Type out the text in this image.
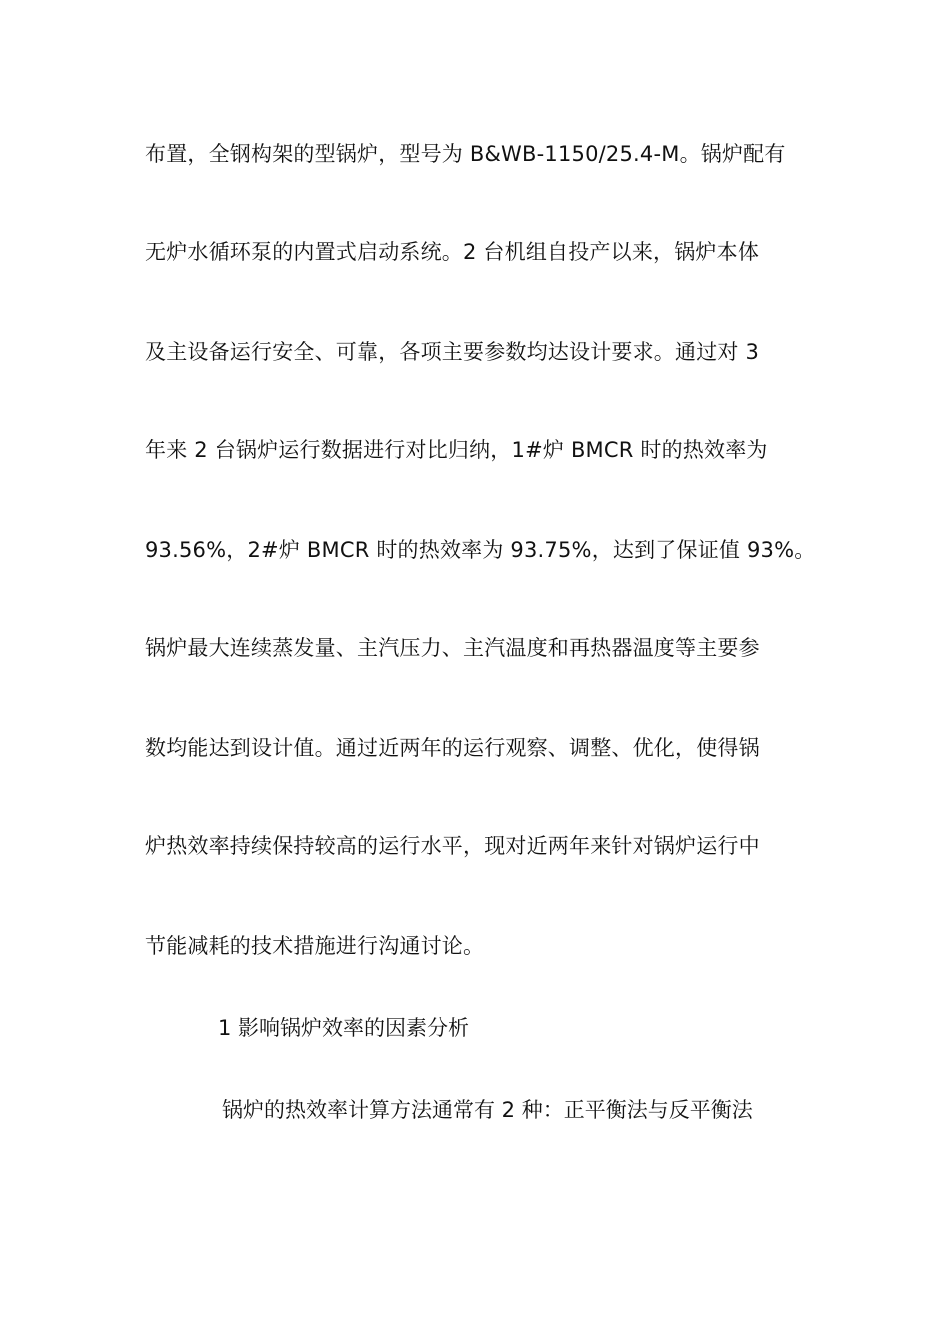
布置，全钢构架的型锅炉，型号为 B&WB-1150/25.4-M。锅炉配有
无炉水循环泵的内置式启动系统。2 台机组自投产以来，锅炉本体
及主设备运行安全、可靠，各项主要参数均达设计要求。通过对 3
年来 2 台锅炉运行数据进行对比归纳，1#炉 BMCR 时的热效率为
93.56%，2#炉 BMCR 时的热效率为 93.75%，达到了保证值 93%。
锅炉最大连续蒸发量、主汽压力、主汽温度和再热器温度等主要参
数均能达到设计值。通过近两年的运行观察、调整、优化，使得锅
炉热效率持续保持较高的运行水平，现对近两年来针对锅炉运行中
节能减耗的技术措施进行沟通讨论。
1 影响锅炉效率的因素分析
锅炉的热效率计算方法通常有 2 种：正平衡法与反平衡法
